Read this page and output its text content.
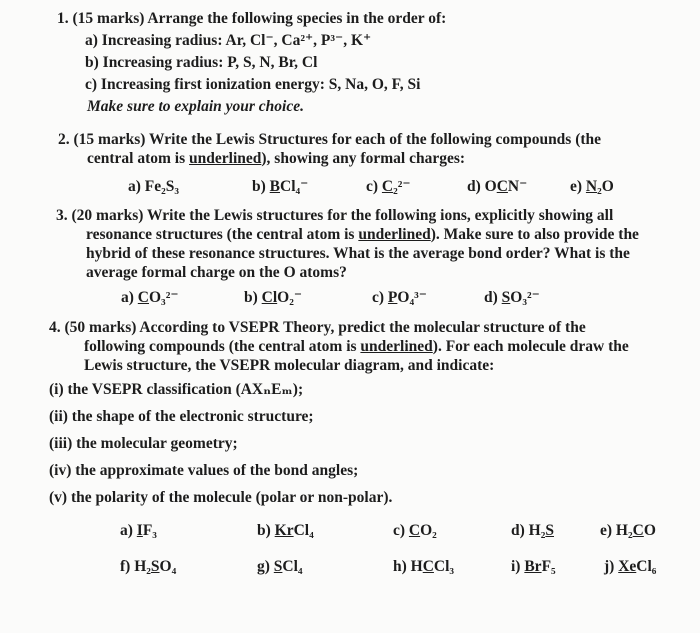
1. (15 marks) Arrange the following species in the order of:
a) Increasing radius: Ar, Cl⁻, Ca²⁺, P³⁻, K⁺
b) Increasing radius: P, S, N, Br, Cl
c) Increasing first ionization energy: S, Na, O, F, Si
Make sure to explain your choice.
2. (15 marks) Write the Lewis Structures for each of the following compounds (the
central atom is underlined), showing any formal charges:
a) Fe₂S₃	b) BCl₄⁻	c) C₂²⁻	d) OCN⁻	e) N₂O
3. (20 marks) Write the Lewis structures for the following ions, explicitly showing all
resonance structures (the central atom is underlined). Make sure to also provide the
hybrid of these resonance structures. What is the average bond order? What is the
average formal charge on the O atoms?
a) CO₃²⁻	b) ClO₂⁻	c) PO₄³⁻	d) SO₃²⁻
4. (50 marks) According to VSEPR Theory, predict the molecular structure of the
following compounds (the central atom is underlined). For each molecule draw the
Lewis structure, the VSEPR molecular diagram, and indicate:
(i) the VSEPR classification (AXₙEₘ);
(ii) the shape of the electronic structure;
(iii) the molecular geometry;
(iv) the approximate values of the bond angles;
(v) the polarity of the molecule (polar or non-polar).
a) IF₃	b) KrCl₄	c) CO₂	d) H₂S	e) H₂CO
f) H₂SO₄	g) SCl₄	h) HCCl₃	i) BrF₅	j) XeCl₆
